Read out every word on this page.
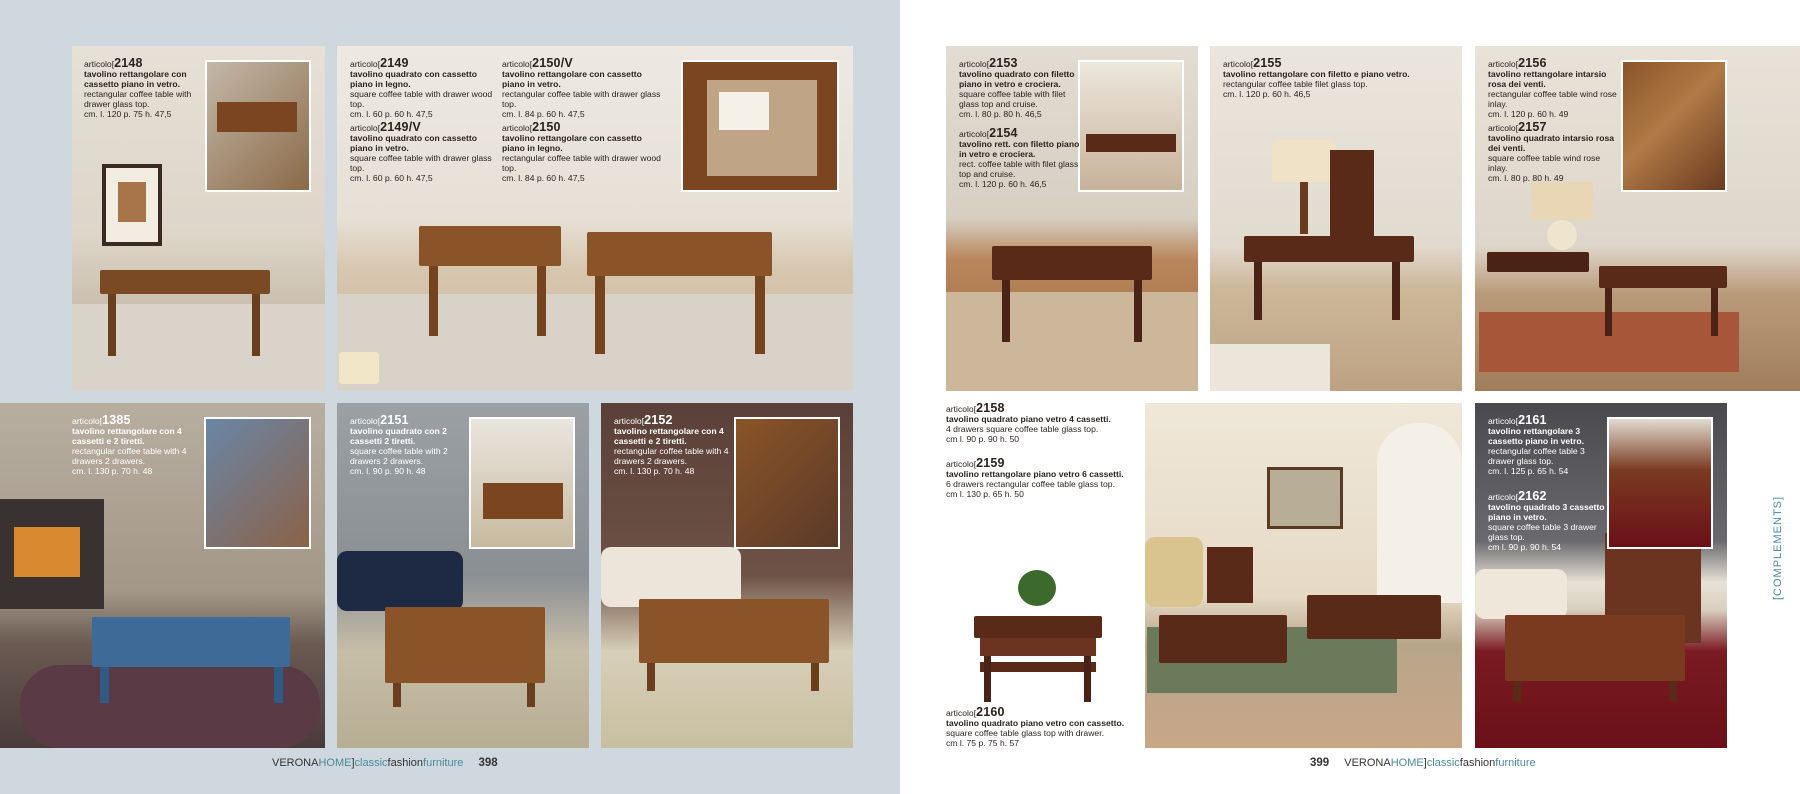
articolo[2148
tavolino rettangolare con cassetto piano in vetro.
rectangular coffee table with drawer glass top.
cm. l. 120 p. 75 h. 47,5
articolo[2149
tavolino quadrato con cassetto piano in legno.
square coffee table with drawer wood top.
cm. l. 60 p. 60 h. 47,5
articolo[2150/V
tavolino rettangolare con cassetto piano in vetro.
rectangular coffee table with drawer glass top.
cm. l. 84 p. 60 h. 47,5
articolo[2149/V
tavolino quadrato con cassetto piano in vetro.
square coffee table with drawer glass top.
cm. l. 60 p. 60 h. 47,5
articolo[2150
tavolino rettangolare con cassetto piano in legno.
rectangular coffee table with drawer wood top.
cm. l. 84 p. 60 h. 47,5
articolo[1385
tavolino rettangolare con 4 cassetti e 2 tiretti.
rectangular coffee table with 4 drawers 2 drawers.
cm. l. 130 p. 70 h. 48
articolo[2151
tavolino quadrato con 2 cassetti 2 tiretti.
square coffee table with 2 drawers 2 drawers.
cm. l. 90 p. 90 h. 48
articolo[2152
tavolino rettangolare con 4 cassetti e 2 tiretti.
rectangular coffee table with 4 drawers 2 drawers.
cm. l. 130 p. 70 h. 48
VERONAHOME]classicfashionfurniture 398
articolo[2153
tavolino quadrato con filetto piano in vetro e crociera.
square coffee table with filet glass top and cruise.
cm. l. 80 p. 80 h. 46,5
articolo[2154
tavolino rett. con filetto piano in vetro e crociera.
rect. coffee table with filet glass top and cruise.
cm. l. 120 p. 60 h. 46,5
articolo[2155
tavolino rettangolare con filetto e piano vetro.
rectangular coffee table filet glass top.
cm. l. 120 p. 60 h. 46,5
articolo[2156
tavolino rettangolare intarsio rosa dei venti.
rectangular coffee table wind rose inlay.
cm. l. 120 p. 60 h. 49
articolo[2157
tavolino quadrato intarsio rosa dei venti.
square coffee table wind rose inlay.
cm. l. 80 p. 80 h. 49
articolo[2158
tavolino quadrato piano vetro 4 cassetti.
4 drawers square coffee table glass top.
cm l. 90 p. 90 h. 50
articolo[2159
tavolino rettangolare piano vetro 6 cassetti.
6 drawers rectangular coffee table glass top.
cm l. 130 p. 65 h. 50
articolo[2160
tavolino quadrato piano vetro con cassetto.
square coffee table glass top with drawer.
cm l. 75 p. 75 h. 57
articolo[2161
tavolino rettangolare 3 cassetto piano in vetro.
rectangular coffee table 3 drawer glass top.
cm. l. 125 p. 65 h. 54
articolo[2162
tavolino quadrato 3 cassetto piano in vetro.
square coffee table 3 drawer glass top.
cm l. 90 p. 90 h. 54
399 VERONAHOME]classicfashionfurniture
[COMPLEMENTS]
